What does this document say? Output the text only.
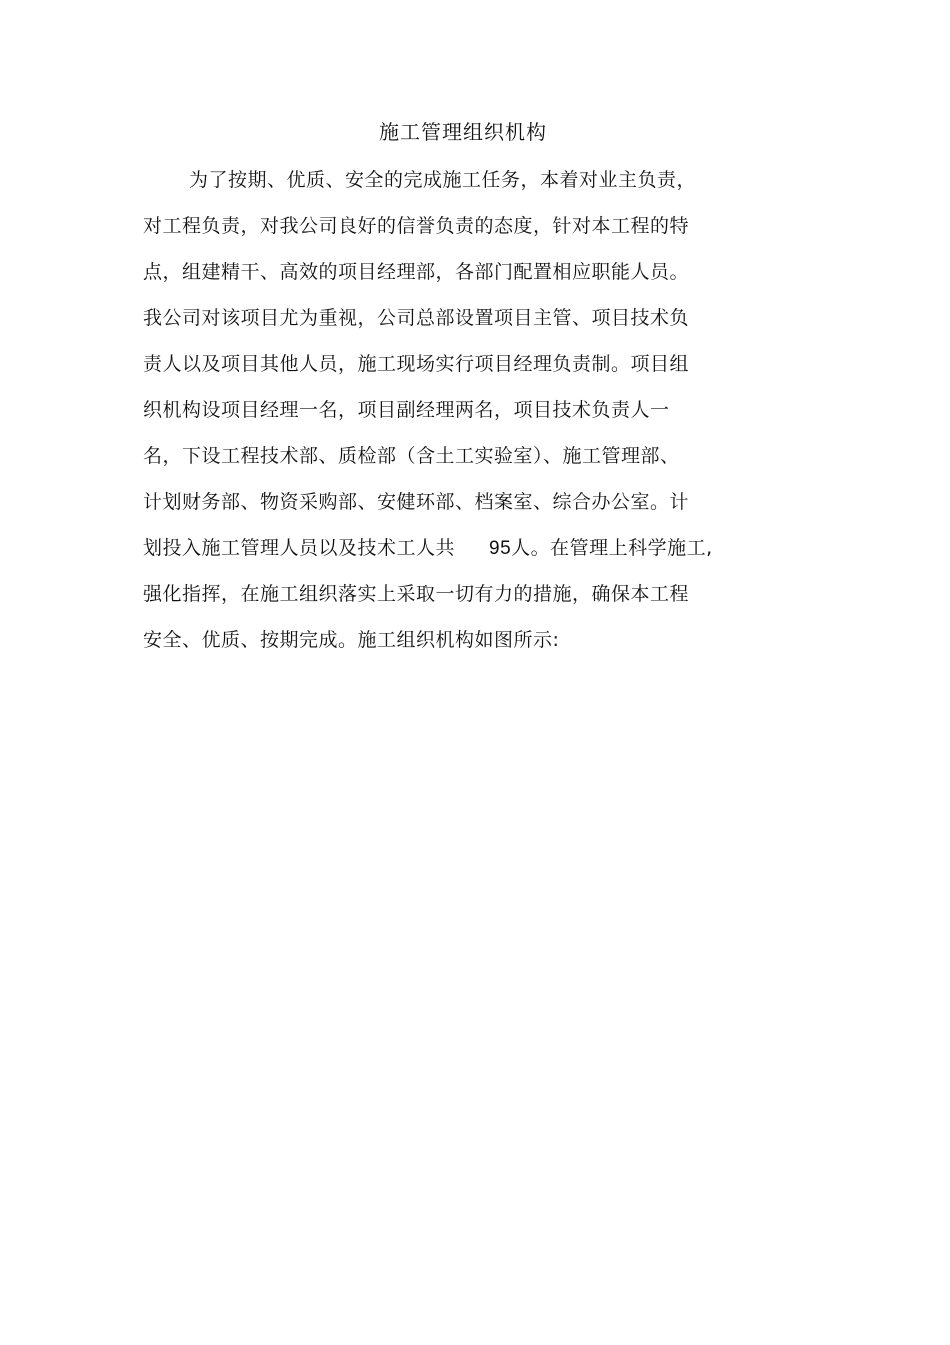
施工管理组织机构
为了按期、优质、安全的完成施工任务，本着对业主负责，
对工程负责，对我公司良好的信誉负责的态度，针对本工程的特
点，组建精干、高效的项目经理部，各部门配置相应职能人员。
我公司对该项目尤为重视，公司总部设置项目主管、项目技术负
责人以及项目其他人员，施工现场实行项目经理负责制。项目组
织机构设项目经理一名，项目副经理两名，项目技术负责人一
名，下设工程技术部、质检部（含土工实验室）、施工管理部、
计划财务部、物资采购部、安健环部、档案室、综合办公室。计
划投入施工管理人员以及技术工人共 95人。在管理上科学施工,
强化指挥，在施工组织落实上采取一切有力的措施，确保本工程
安全、优质、按期完成。施工组织机构如图所示:
